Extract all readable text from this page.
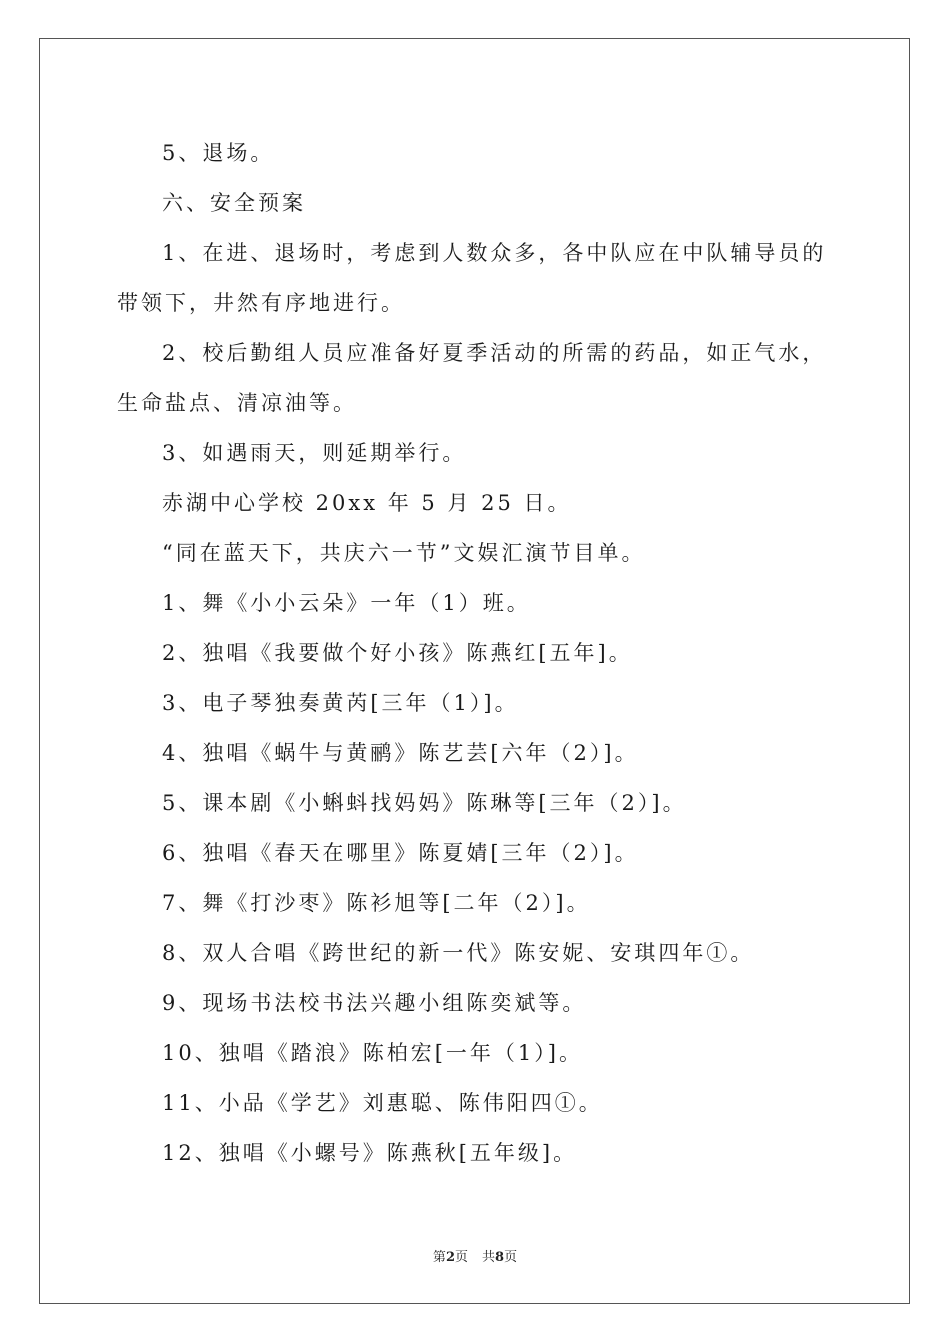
5、退场。
六、安全预案
1、在进、退场时，考虑到人数众多，各中队应在中队辅导员的
带领下，井然有序地进行。
2、校后勤组人员应准备好夏季活动的所需的药品，如正气水，
生命盐点、清凉油等。
3、如遇雨天，则延期举行。
赤湖中心学校 20xx 年 5 月 25 日。
“同在蓝天下，共庆六一节”文娱汇演节目单。
1、舞《小小云朵》一年（1）班。
2、独唱《我要做个好小孩》陈燕红[五年]。
3、电子琴独奏黄芮[三年（1）]。
4、独唱《蜗牛与黄鹂》陈艺芸[六年（2）]。
5、课本剧《小蝌蚪找妈妈》陈琳等[三年（2）]。
6、独唱《春天在哪里》陈夏婧[三年（2）]。
7、舞《打沙枣》陈衫旭等[二年（2）]。
8、双人合唱《跨世纪的新一代》陈安妮、安琪四年①。
9、现场书法校书法兴趣小组陈奕斌等。
10、独唱《踏浪》陈柏宏[一年（1）]。
11、小品《学艺》刘惠聪、陈伟阳四①。
12、独唱《小螺号》陈燕秋[五年级]。
第2页 共8页
